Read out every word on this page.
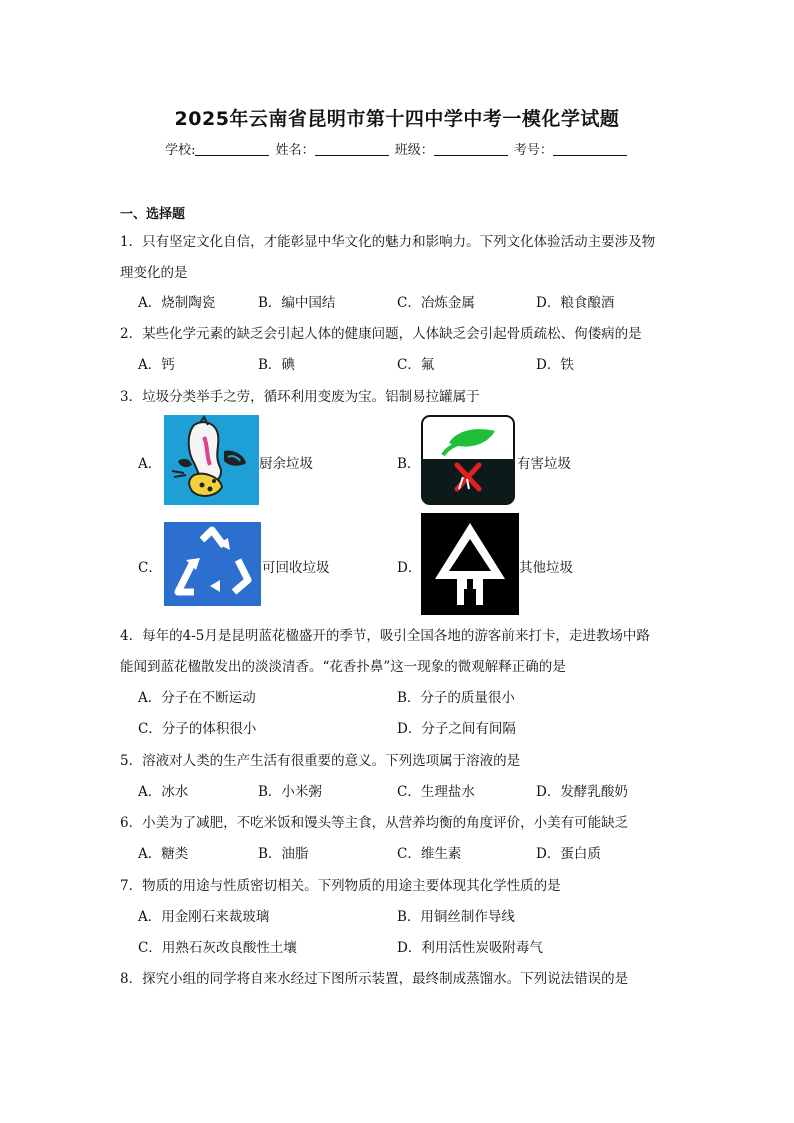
2025年云南省昆明市第十四中学中考一模化学试题
学校:	姓名：	班级：	考号：
一、选择题
1．只有坚定文化自信，才能彰显中华文化的魅力和影响力。下列文化体验活动主要涉及物
理变化的是
A．烧制陶瓷	B．编中国结	C．冶炼金属	D．粮食酿酒
2．某些化学元素的缺乏会引起人体的健康问题，人体缺乏会引起骨质疏松、佝偻病的是
A．钙	B．碘	C．氟	D．铁
3．垃圾分类举手之劳，循环利用变废为宝。铝制易拉罐属于
A．	厨余垃圾	B．	有害垃圾
C．	可回收垃圾	D．	其他垃圾
4．每年的4-5月是昆明蓝花楹盛开的季节，吸引全国各地的游客前来打卡，走进教场中路
能闻到蓝花楹散发出的淡淡清香。“花香扑鼻”这一现象的微观解释正确的是
A．分子在不断运动	B．分子的质量很小
C．分子的体积很小	D．分子之间有间隔
5．溶液对人类的生产生活有很重要的意义。下列选项属于溶液的是
A．冰水	B．小米粥	C．生理盐水	D．发酵乳酸奶
6．小美为了减肥，不吃米饭和馒头等主食，从营养均衡的角度评价，小美有可能缺乏
A．糖类	B．油脂	C．维生素	D．蛋白质
7．物质的用途与性质密切相关。下列物质的用途主要体现其化学性质的是
A．用金刚石来裁玻璃	B．用铜丝制作导线
C．用熟石灰改良酸性土壤	D．利用活性炭吸附毒气
8．探究小组的同学将自来水经过下图所示装置，最终制成蒸馏水。下列说法错误的是
